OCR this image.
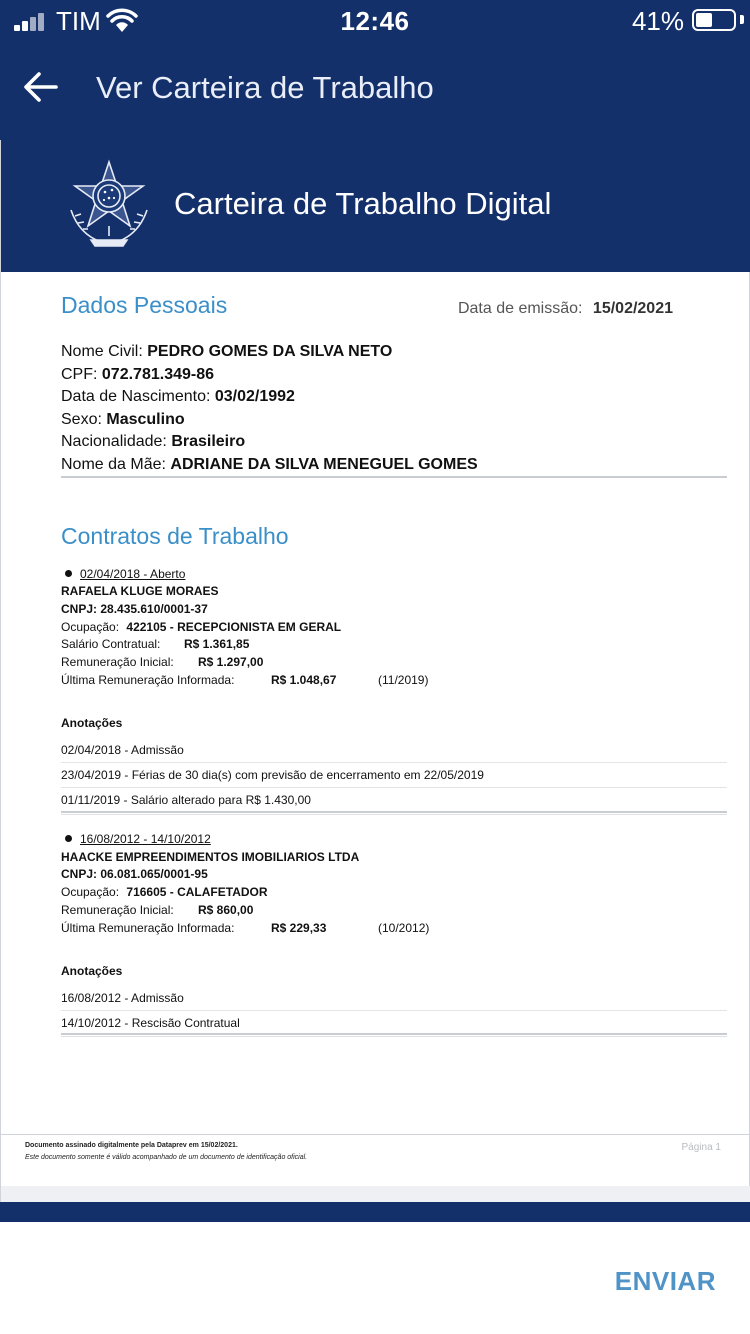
TIM	12:46	41%
Ver Carteira de Trabalho
Carteira de Trabalho Digital
Dados Pessoais	Data de emissão: 15/02/2021
Nome Civil: PEDRO GOMES DA SILVA NETO
CPF: 072.781.349-86
Data de Nascimento: 03/02/1992
Sexo: Masculino
Nacionalidade: Brasileiro
Nome da Mãe: ADRIANE DA SILVA MENEGUEL GOMES
Contratos de Trabalho
02/04/2018 - Aberto
RAFAELA KLUGE MORAES
CNPJ: 28.435.610/0001-37
Ocupação: 422105 - RECEPCIONISTA EM GERAL
Salário Contratual: R$ 1.361,85
Remuneração Inicial: R$ 1.297,00
Última Remuneração Informada:	R$ 1.048,67	(11/2019)
Anotações
02/04/2018 - Admissão
23/04/2019 - Férias de 30 dia(s) com previsão de encerramento em 22/05/2019
01/11/2019 - Salário alterado para R$ 1.430,00
16/08/2012 - 14/10/2012
HAACKE EMPREENDIMENTOS IMOBILIARIOS LTDA
CNPJ: 06.081.065/0001-95
Ocupação: 716605 - CALAFETADOR
Remuneração Inicial: R$ 860,00
Última Remuneração Informada:	R$ 229,33	(10/2012)
Anotações
16/08/2012 - Admissão
14/10/2012 - Rescisão Contratual
Documento assinado digitalmente pela Dataprev em 15/02/2021.
Este documento somente é válido acompanhado de um documento de identificação oficial.
Página 1
ENVIAR
